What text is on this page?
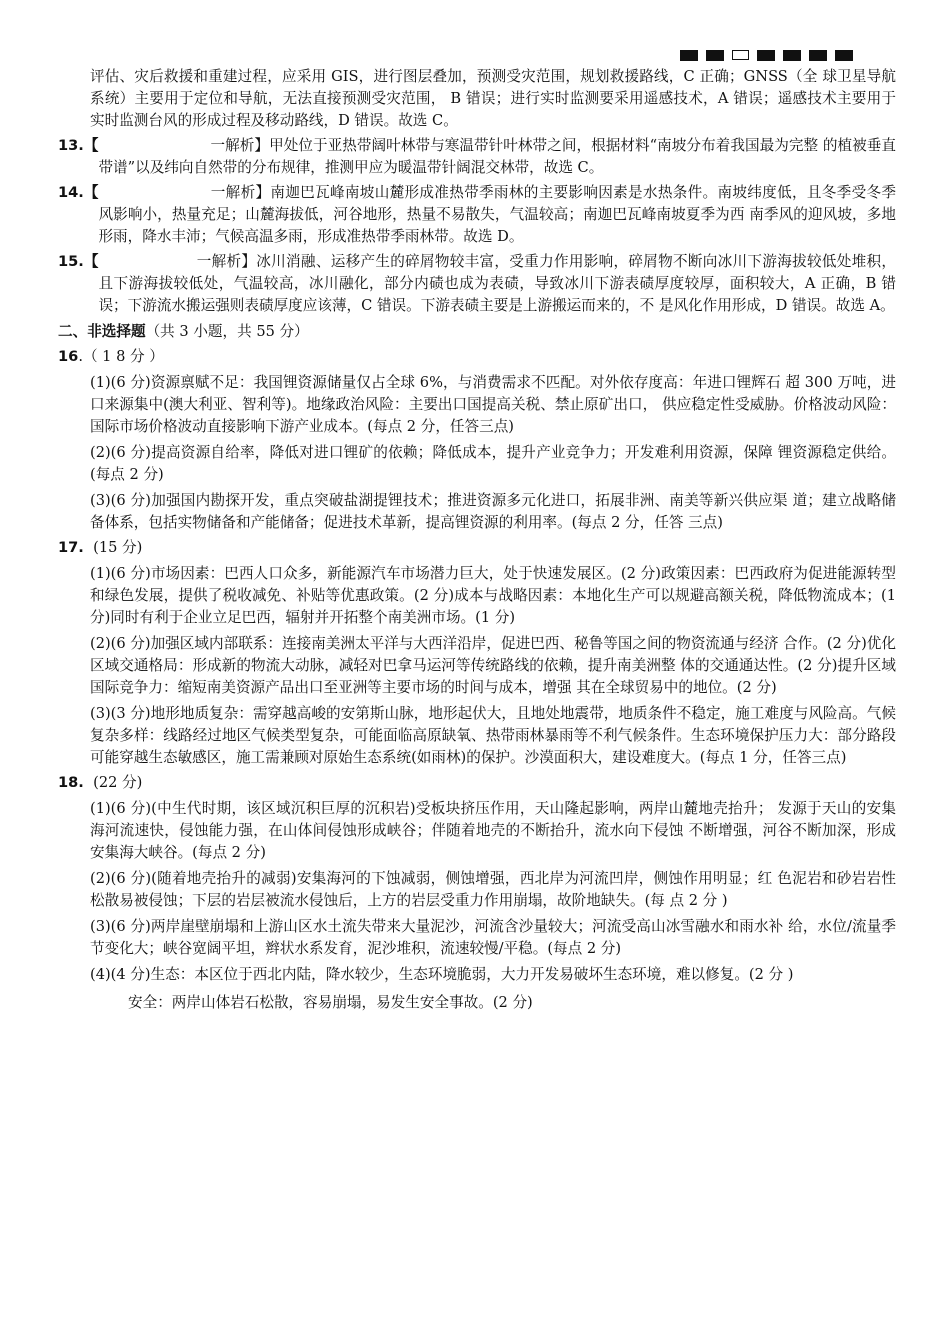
评估、灾后救援和重建过程，应采用 GIS，进行图层叠加，预测受灾范围，规划救援路线，C 正确；GNSS（全 球卫星导航系统）主要用于定位和导航，无法直接预测受灾范围， B 错误；进行实时监测要采用遥感技术，A 错误；遥感技术主要用于实时监测台风的形成过程及移动路线，D 错误。故选 C。

13.【	一解析】甲处位于亚热带阔叶林带与寒温带针叶林带之间，根据材料“南坡分布着我国最为完整 的植被垂直带谱”以及纬向自然带的分布规律，推测甲应为暖温带针阔混交林带，故选 C。

14.【	一解析】南迦巴瓦峰南坡山麓形成准热带季雨林的主要影响因素是水热条件。南坡纬度低，且冬季受冬季风影响小，热量充足；山麓海拔低，河谷地形，热量不易散失，气温较高；南迦巴瓦峰南坡夏季为西 南季风的迎风坡，多地形雨，降水丰沛；气候高温多雨，形成准热带季雨林带。故选 D。

15.【	一解析】冰川消融、运移产生的碎屑物较丰富，受重力作用影响，碎屑物不断向冰川下游海拔较低处堆积，且下游海拔较低处，气温较高，冰川融化，部分内碛也成为表碛，导致冰川下游表碛厚度较厚，面积较大，A 正确，B 错误；下游流水搬运强则表碛厚度应该薄，C 错误。下游表碛主要是上游搬运而来的，不 是风化作用形成，D 错误。故选 A。

二、非选择题（共 3 小题，共 55 分）
16.（ 1 8 分 ）

(1)(6 分)资源禀赋不足：我国锂资源储量仅占全球 6%，与消费需求不匹配。对外依存度高：年进口锂辉石 超 300 万吨，进口来源集中(澳大利亚、智利等)。地缘政治风险：主要出口国提高关税、禁止原矿出口， 供应稳定性受威胁。价格波动风险：国际市场价格波动直接影响下游产业成本。(每点 2 分，任答三点)

(2)(6 分)提高资源自给率，降低对进口锂矿的依赖；降低成本，提升产业竞争力；开发难利用资源，保障 锂资源稳定供给。(每点 2 分)

(3)(6 分)加强国内勘探开发，重点突破盐湖提锂技术；推进资源多元化进口，拓展非洲、南美等新兴供应渠 道；建立战略储备体系，包括实物储备和产能储备；促进技术革新，提高锂资源的利用率。(每点 2 分，任答 三点)

17. (15 分)

(1)(6 分)市场因素：巴西人口众多，新能源汽车市场潜力巨大，处于快速发展区。(2 分)政策因素：巴西政府为促进能源转型和绿色发展，提供了税收减免、补贴等优惠政策。(2 分)成本与战略因素：本地化生产可以规避高额关税，降低物流成本；(1 分)同时有利于企业立足巴西，辐射并开拓整个南美洲市场。(1 分)

(2)(6 分)加强区域内部联系：连接南美洲太平洋与大西洋沿岸，促进巴西、秘鲁等国之间的物资流通与经济 合作。(2 分)优化区域交通格局：形成新的物流大动脉，减轻对巴拿马运河等传统路线的依赖，提升南美洲整 体的交通通达性。(2 分)提升区域国际竞争力：缩短南美资源产品出口至亚洲等主要市场的时间与成本，增强 其在全球贸易中的地位。(2 分)

(3)(3 分)地形地质复杂：需穿越高峻的安第斯山脉，地形起伏大，且地处地震带，地质条件不稳定，施工难度与风险高。气候复杂多样：线路经过地区气候类型复杂，可能面临高原缺氧、热带雨林暴雨等不利气候条件。生态环境保护压力大：部分路段可能穿越生态敏感区，施工需兼顾对原始生态系统(如雨林)的保护。沙漠面积大，建设难度大。(每点 1 分，任答三点)

18. (22 分)

(1)(6 分)(中生代时期，该区域沉积巨厚的沉积岩)受板块挤压作用，天山隆起影响，两岸山麓地壳抬升； 发源于天山的安集海河流速快，侵蚀能力强，在山体间侵蚀形成峡谷；伴随着地壳的不断抬升，流水向下侵蚀 不断增强，河谷不断加深，形成安集海大峡谷。(每点 2 分)

(2)(6 分)(随着地壳抬升的减弱)安集海河的下蚀减弱，侧蚀增强，西北岸为河流凹岸，侧蚀作用明显；红 色泥岩和砂岩岩性松散易被侵蚀；下层的岩层被流水侵蚀后，上方的岩层受重力作用崩塌，故阶地缺失。(每 点 2 分 )

(3)(6 分)两岸崖壁崩塌和上游山区水土流失带来大量泥沙，河流含沙量较大；河流受高山冰雪融水和雨水补 给，水位/流量季节变化大；峡谷宽阔平坦，辫状水系发育，泥沙堆积，流速较慢/平稳。(每点 2 分)

(4)(4 分)生态：本区位于西北内陆，降水较少，生态环境脆弱，大力开发易破坏生态环境，难以修复。(2 分 )

安全：两岸山体岩石松散，容易崩塌，易发生安全事故。(2 分)
